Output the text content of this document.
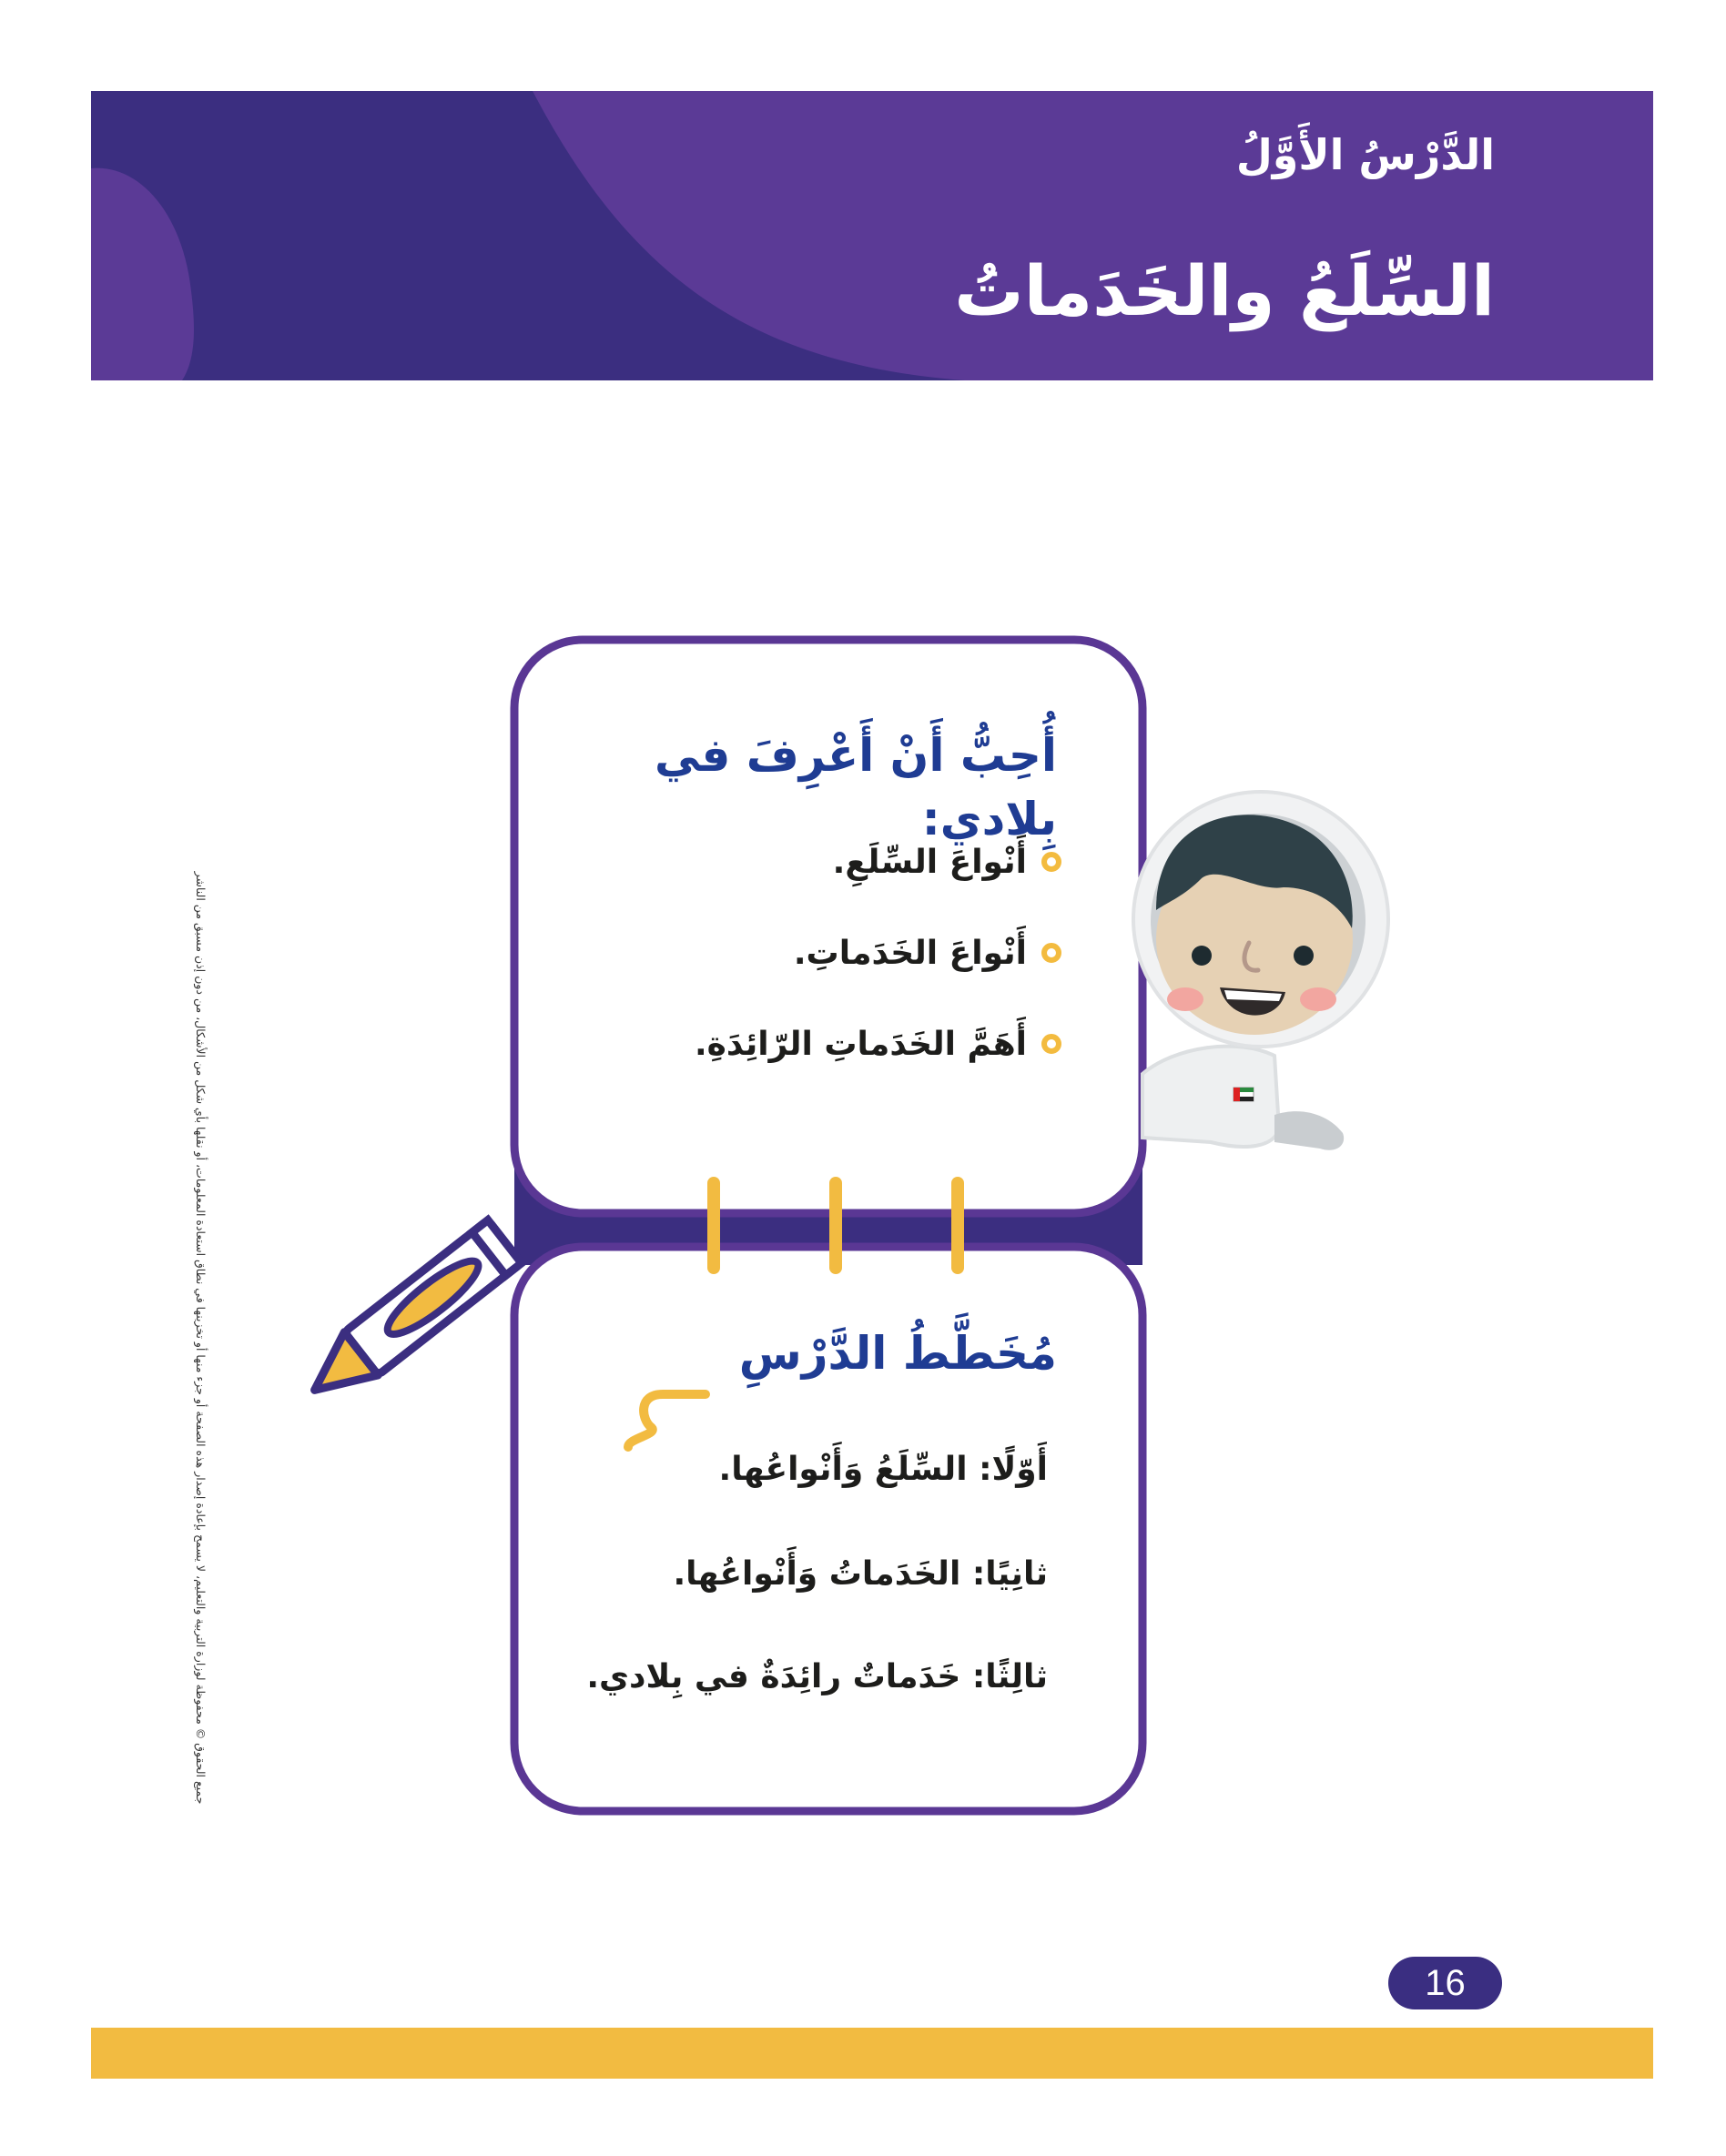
الدَّرْسُ الأَوَّلُ
السِّلَعُ والخَدَماتُ
أُحِبُّ أَنْ أَعْرِفَ في بِلادي:
أَنْواعَ السِّلَعِ.
أَنْواعَ الخَدَماتِ.
أَهَمَّ الخَدَماتِ الرّائِدَةِ.
مُخَطَّطُ الدَّرْسِ
أَوّلًا: السِّلَعُ وَأَنْواعُها.
ثانِيًا: الخَدَماتُ وَأَنْواعُها.
ثالِثًا: خَدَماتٌ رائِدَةٌ في بِلادي.
جميع الحقوق © محفوظة لوزارة التربية والتعليم، لا يسمح بإعادة إصدار هذه الصفحة أو جزء منها أو تخزينها في نطاق استعادة المعلومات، أو نقلها بأي شكل من الأشكال، من دون إذن مسبق من الناشر
16
